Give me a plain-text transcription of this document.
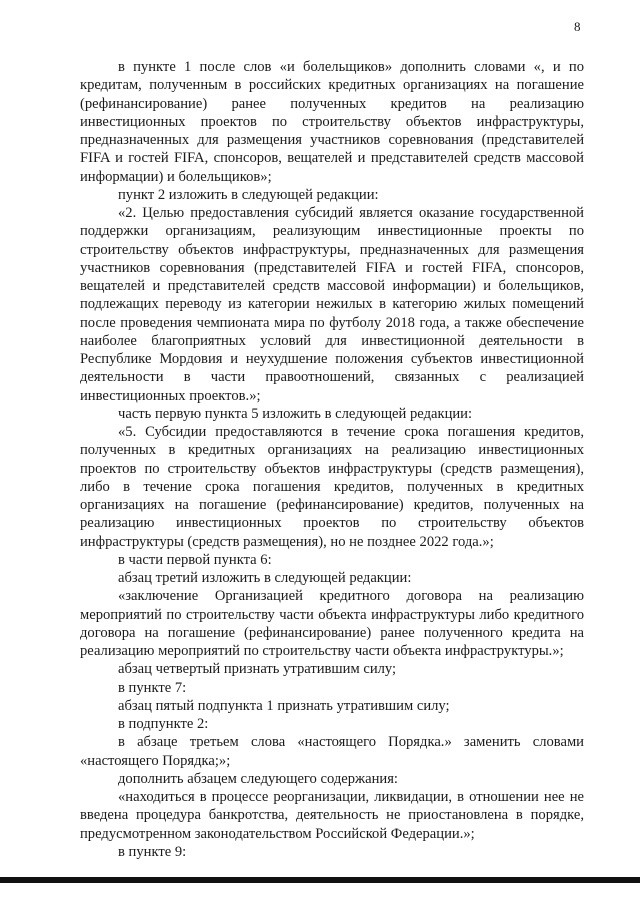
8

в пункте 1 после слов «и болельщиков» дополнить словами «, и по кредитам, полученным в российских кредитных организациях на погашение (рефинансирование) ранее полученных кредитов на реализацию инвестиционных проектов по строительству объектов инфраструктуры, предназначенных для размещения участников соревнования (представителей FIFA и гостей FIFA, спонсоров, вещателей и представителей средств массовой информации) и болельщиков»;

пункт 2 изложить в следующей редакции:

«2. Целью предоставления субсидий является оказание государственной поддержки организациям, реализующим инвестиционные проекты по строительству объектов инфраструктуры, предназначенных для размещения участников соревнования (представителей FIFA и гостей FIFA, спонсоров, вещателей и представителей средств массовой информации) и болельщиков, подлежащих переводу из категории нежилых в категорию жилых помещений после проведения чемпионата мира по футболу 2018 года, а также обеспечение наиболее благоприятных условий для инвестиционной деятельности в Республике Мордовия и неухудшение положения субъектов инвестиционной деятельности в части правоотношений, связанных с реализацией инвестиционных проектов.»;

часть первую пункта 5 изложить в следующей редакции:

«5. Субсидии предоставляются в течение срока погашения кредитов, полученных в кредитных организациях на реализацию инвестиционных проектов по строительству объектов инфраструктуры (средств размещения), либо в течение срока погашения кредитов, полученных в кредитных организациях на погашение (рефинансирование) кредитов, полученных на реализацию инвестиционных проектов по строительству объектов инфраструктуры (средств размещения), но не позднее 2022 года.»;

в части первой пункта 6:

абзац третий изложить в следующей редакции:

«заключение Организацией кредитного договора на реализацию мероприятий по строительству части объекта инфраструктуры либо кредитного договора на погашение (рефинансирование) ранее полученного кредита на реализацию мероприятий по строительству части объекта инфраструктуры.»;

абзац четвертый признать утратившим силу;

в пункте 7:

абзац пятый подпункта 1 признать утратившим силу;

в подпункте 2:

в абзаце третьем слова «настоящего Порядка.» заменить словами «настоящего Порядка;»;

дополнить абзацем следующего содержания:

«находиться в процессе реорганизации, ликвидации, в отношении нее не введена процедура банкротства, деятельность не приостановлена в порядке, предусмотренном законодательством Российской Федерации.»;

в пункте 9:
